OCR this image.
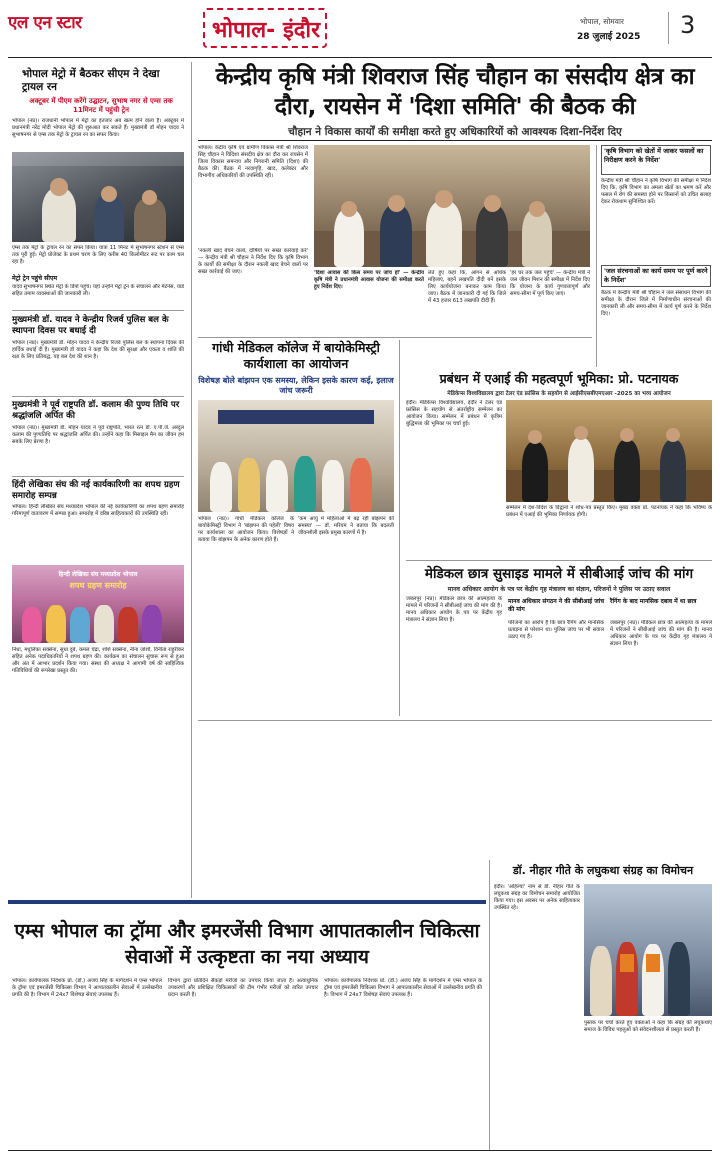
एल एन स्टार	भोपाल- इंदौर	भोपाल, सोमवार
28 जुलाई 2025 3
भोपाल मेट्रो में बैठकर सीएम ने देखा ट्रायल रन
अक्टूबर में पीएम करेंगे उद्घाटन, सुभाष नगर से एम्स तक 11मिनट में पहुंची ट्रेन
भोपाल (नप्र)। राजधानी भोपाल में मेट्रो का इंतजार अब खत्म होने वाला है। अक्टूबर में प्रधानमंत्री नरेंद्र मोदी भोपाल मेट्रो की शुरुआत कर सकते हैं। मुख्यमंत्री डॉ मोहन यादव ने सुभाषनगर से एम्स तक मेट्रो के ट्रायल रन का सफर किया।
एम्स तक मेट्रो के ट्रायल रन का सफर किया। यात्रा 11 मिनट में सुभाषनगर स्टेशन से एम्स तक पूरी हुई। मेट्रो प्रोजेक्ट के प्रथम चरण के लिए करीब 40 किलोमीटर रूट पर काम चल रहा है।
मेट्रो ट्रेन पहुंचे सीएम
यादव सुभाषनगर स्थित मेट्रो के डिपो पहुंचे। यहां उन्होंने मेट्रो ट्रेन के संचालन और मेंटेनेंस, यार्ड सहित तमाम व्यवस्थाओं की जानकारी ली।
मुख्यमंत्री डॉ. यादव ने केन्द्रीय रिजर्व पुलिस बल के स्थापना दिवस पर बधाई दी
भोपाल (नप्र)। मुख्यमंत्री डॉ. मोहन यादव ने केन्द्रीय रिजर्व पुलिस बल के स्थापना दिवस की हार्दिक बधाई दी है। मुख्यमंत्री डॉ यादव ने कहा कि देश की सुरक्षा और एकता व शांति की रक्षा के लिए प्रतिबद्ध, यह बल देश की शान है।
मुख्यमंत्री ने पूर्व राष्ट्रपति डॉ. कलाम की पुण्य तिथि पर श्रद्धांजलि अर्पित की
भोपाल (नप्र)। मुख्यमंत्री डॉ. मोहन यादव ने पूर्व राष्ट्रपति, भारत रत्न डॉ. ए.पी.जे. अब्दुल कलाम की पुण्यतिथि पर श्रद्धांजलि अर्पित की। उन्होंने कहा कि मिसाइल मैन का जीवन हम सबके लिए प्रेरणा है।
हिंदी लेखिका संघ की नई कार्यकारिणी का शपथ ग्रहण समारोह सम्पन्न
भोपाल। हिन्दी लेखिका संघ मध्यप्रदेश भोपाल की नई कार्यकारिणी का शपथ ग्रहण समारोह गरिमापूर्ण वातावरण में सम्पन्न हुआ। समारोह में वरिष्ठ साहित्यकारों की उपस्थिति रही।
हिन्दी लेखिका संघ मध्यप्रदेश भोपाल
शपथ ग्रहण समारोह
निधा, मधुलिका सक्सेना, सुधा दुबे, कमल चंद्रा, शशि सक्सेना, नीना जोशी, विनीता राहुरीकर सहित अनेक पदाधिकारियों ने शपथ ग्रहण की। कार्यक्रम का संचालन सुचारू रूप से हुआ और अंत में आभार प्रदर्शन किया गया। संस्था की अध्यक्ष ने आगामी वर्ष की साहित्यिक गतिविधियों की रूपरेखा प्रस्तुत की।
केन्द्रीय कृषि मंत्री शिवराज सिंह चौहान का संसदीय क्षेत्र का दौरा, रायसेन में 'दिशा समिति' की बैठक की
चौहान ने विकास कार्यों की समीक्षा करते हुए अधिकारियों को आवश्यक दिशा-निर्देश दिए
भोपाल। केंद्रीय कृषि एवं ग्रामीण विकास मंत्री श्री शिवराज सिंह चौहान ने विदिशा संसदीय क्षेत्र का दौरा कर रायसेन में जिला विकास समन्वय और निगरानी समिति (दिशा) की बैठक की। बैठक में नरवागृहि, खाद, कलेक्टर और विभागीय अधिकारियों की उपस्थिति रही।
'नकली खाद बेचने वालों, दोषियों पर सख्त कार्रवाई करें' — केन्द्रीय मंत्री श्री चौहान ने निर्देश दिए कि कृषि विभाग के कार्यों की समीक्षा के दौरान नकली खाद बेचने वालों पर सख्त कार्रवाई की जाए।	'दिशा आवास की किस समय पर जांच हो' — केन्द्रीय कृषि मंत्री ने प्रधानमंत्री आवास योजना की समीक्षा करते हुए निर्देश दिए।
लेते हुए कहा कि, आंगन से अधिक महिलाएं, बहनें लखपति दीदी बनें इसके लिए कार्ययोजना बनाकर काम किया जाए। बैठक में जानकारी दी गई कि जिले में 43 हजार 613 लखपति दीदी हैं।
'हर घर तक जल पहुंचे' — केन्द्रीय मंत्री ने जल जीवन मिशन की समीक्षा में निर्देश दिए कि योजना के कार्य गुणवत्तापूर्ण और समय-सीमा में पूर्ण किए जाएं।
'कृषि विभाग को खेतों में जाकर फसलों का निरीक्षण करने के निर्देश'
केन्द्रीय मंत्री श्री चौहान ने कृषि विभाग की समीक्षा में निर्देश दिए कि, कृषि विभाग का अमला खेतों का भ्रमण करें और फसल में रोग की समस्या होने पर किसानों को उचित सलाह देकर रोकथाम सुनिश्चित करें।
'जल संरचनाओं का कार्य समय पर पूर्ण करने के निर्देश'
बैठक में केन्द्रीय मंत्री श्री चौहान ने जल संसाधन विभाग की समीक्षा के दौरान जिले में निर्माणाधीन संरचनाओं की जानकारी ली और समय-सीमा में कार्य पूर्ण करने के निर्देश दिए।
गांधी मेडिकल कॉलेज में बायोकेमिस्ट्री कार्यशाला का आयोजन
विशेषज्ञ बोले बांझपन एक समस्या, लेकिन इसके कारण कई, इलाज जांच जरूरी
भोपाल (नप्र)। गांधी मेडिकल कॉलेज के बायोकेमिस्ट्री विभाग ने 'बांझपन की पहेली' विषय पर कार्यशाला का आयोजन किया। विशेषज्ञों ने बताया कि बांझपन के अनेक कारण होते हैं।
'कम आयु में महिलाओं में बढ़ रही बांझपन की समस्या' — डॉ. मरियम ने बताया कि बदलती जीवनशैली इसके प्रमुख कारणों में है।
प्रबंधन में एआई की महत्वपूर्ण भूमिका: प्रो. पटनायक
मेडिकेप्स विश्वविद्यालय द्वारा टेलर एंड फ्रांसिस के सहयोग से आईसीएसबीएमएआर -2025 का भव्य आयोजन
इंदौर। मेडिकेप्स विश्वविद्यालय, इंदौर ने टेलर एंड फ्रांसिस के सहयोग से अंतर्राष्ट्रीय सम्मेलन का आयोजन किया। सम्मेलन में प्रबंधन में कृत्रिम बुद्धिमत्ता की भूमिका पर चर्चा हुई।
सम्मेलन में देश-विदेश के विद्वानों ने शोध-पत्र प्रस्तुत किए। मुख्य वक्ता प्रो. पटनायक ने कहा कि भविष्य के प्रबंधन में एआई की भूमिका निर्णायक होगी।
मेडिकल छात्र सुसाइड मामले में सीबीआई जांच की मांग
मानव अधिकार आयोग के पत्र पर केंद्रीय गृह मंत्रालय का संज्ञान, परिजनों ने पुलिस पर उठाए सवाल
जबलपुर (नप्र)। मेडिकल छात्र की आत्महत्या के मामले में परिजनों ने सीबीआई जांच की मांग की है। मानव अधिकार आयोग के पत्र पर केंद्रीय गृह मंत्रालय ने संज्ञान लिया है।
मानव अधिकार संगठन ने की सीबीआई जांच की मांग
परिजनों का आरोप है कि छात्र रैगिंग और मानसिक प्रताड़ना से परेशान था। पुलिस जांच पर भी सवाल उठाए गए हैं।
रैगिंग के बाद मानसिक दबाव में था छात्र
जबलपुर (नप्र)। मेडिकल छात्र की आत्महत्या के मामले में परिजनों ने सीबीआई जांच की मांग की है। मानव अधिकार आयोग के पत्र पर केंद्रीय गृह मंत्रालय ने संज्ञान लिया है।
एम्स भोपाल का ट्रॉमा और इमरजेंसी विभाग आपातकालीन चिकित्सा सेवाओं में उत्कृष्टता का नया अध्याय
भोपाल। कार्यपालक निदेशक प्रो. (डॉ.) अजय सिंह के मार्गदर्शन में एम्स भोपाल के ट्रॉमा एवं इमरजेंसी चिकित्सा विभाग ने आपातकालीन सेवाओं में उल्लेखनीय प्रगति की है। विभाग में 24x7 विशेषज्ञ सेवाएं उपलब्ध हैं।
विभाग द्वारा प्रतिदिन सैकड़ों मरीजों का उपचार किया जाता है। अत्याधुनिक उपकरणों और प्रशिक्षित चिकित्सकों की टीम गंभीर मरीजों को त्वरित उपचार प्रदान करती है।
भोपाल। कार्यपालक निदेशक प्रो. (डॉ.) अजय सिंह के मार्गदर्शन में एम्स भोपाल के ट्रॉमा एवं इमरजेंसी चिकित्सा विभाग ने आपातकालीन सेवाओं में उल्लेखनीय प्रगति की है। विभाग में 24x7 विशेषज्ञ सेवाएं उपलब्ध हैं।
डॉ. नीहार गीते के लघुकथा संग्रह का विमोचन
इंदौर। 'अहिल्या' नाम से डॉ. नीहार गीते के लघुकथा संग्रह का विमोचन समारोह आयोजित किया गया। इस अवसर पर अनेक साहित्यकार उपस्थित रहे।
पुस्तक पर चर्चा करते हुए वक्ताओं ने कहा कि संग्रह की लघुकथाएं समाज के विविध पहलुओं को संवेदनशीलता से प्रस्तुत करती हैं।
